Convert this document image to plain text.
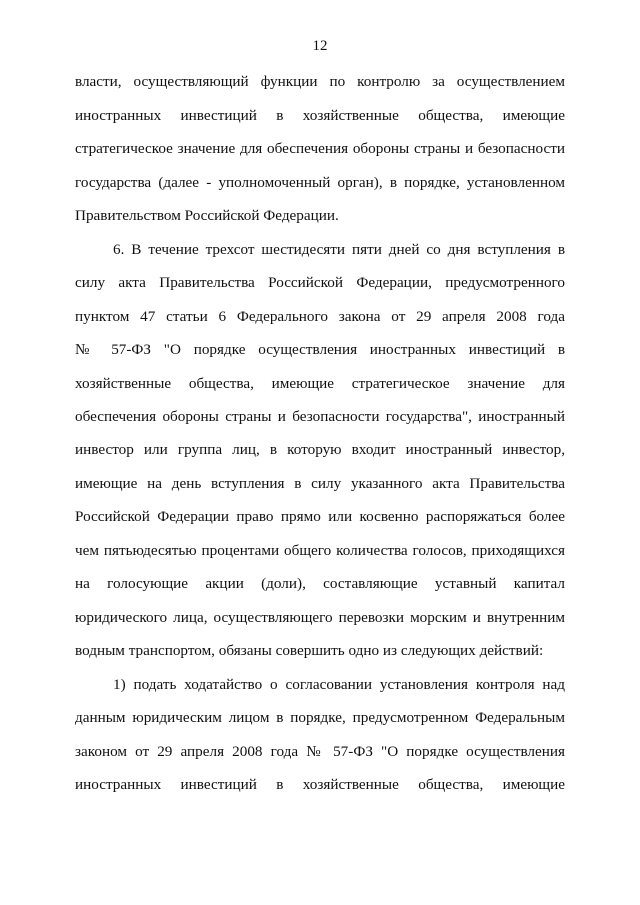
12
власти, осуществляющий функции по контролю за осуществлением
иностранных инвестиций в хозяйственные общества, имеющие
стратегическое значение для обеспечения обороны страны и безопасности
государства (далее - уполномоченный орган), в порядке, установленном
Правительством Российской Федерации.
6. В течение трехсот шестидесяти пяти дней со дня вступления в
силу акта Правительства Российской Федерации, предусмотренного
пунктом 47 статьи 6 Федерального закона от 29 апреля 2008 года
№ 57-ФЗ "О порядке осуществления иностранных инвестиций в
хозяйственные общества, имеющие стратегическое значение для
обеспечения обороны страны и безопасности государства", иностранный
инвестор или группа лиц, в которую входит иностранный инвестор,
имеющие на день вступления в силу указанного акта Правительства
Российской Федерации право прямо или косвенно распоряжаться более
чем пятьюдесятью процентами общего количества голосов, приходящихся
на голосующие акции (доли), составляющие уставный капитал
юридического лица, осуществляющего перевозки морским и внутренним
водным транспортом, обязаны совершить одно из следующих действий:
1) подать ходатайство о согласовании установления контроля над
данным юридическим лицом в порядке, предусмотренном Федеральным
законом от 29 апреля 2008 года № 57-ФЗ "О порядке осуществления
иностранных инвестиций в хозяйственные общества, имеющие
